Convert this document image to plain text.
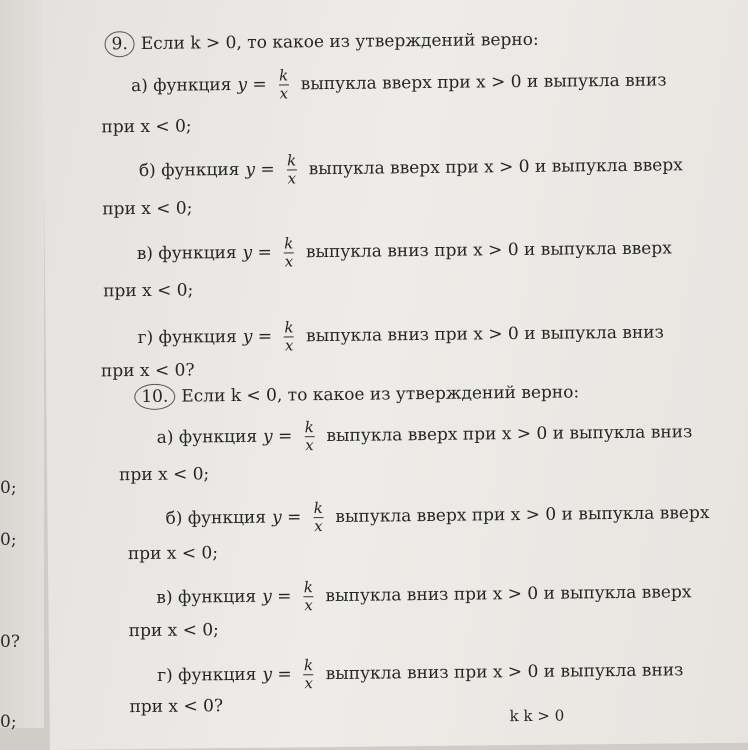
0;
0;
0?
0;
9. Если k > 0, то какое из утверждений верно:
а) функция $y = \frac{k}{x}$ выпукла вверх при x > 0 и выпукла вниз
при x < 0;
б) функция $y = \frac{k}{x}$ выпукла вверх при x > 0 и выпукла вверх
при x < 0;
в) функция $y = \frac{k}{x}$ выпукла вниз при x > 0 и выпукла вверх
при x < 0;
г) функция $y = \frac{k}{x}$ выпукла вниз при x > 0 и выпукла вниз
при x < 0?
10. Если k < 0, то какое из утверждений верно:
а) функция $y = \frac{k}{x}$ выпукла вверх при x > 0 и выпукла вниз
при x < 0;
б) функция $y = \frac{k}{x}$ выпукла вверх при x > 0 и выпукла вверх
при x < 0;
в) функция $y = \frac{k}{x}$ выпукла вниз при x > 0 и выпукла вверх
при x < 0;
г) функция $y = \frac{k}{x}$ выпукла вниз при x > 0 и выпукла вниз
при x < 0?	k k > 0
